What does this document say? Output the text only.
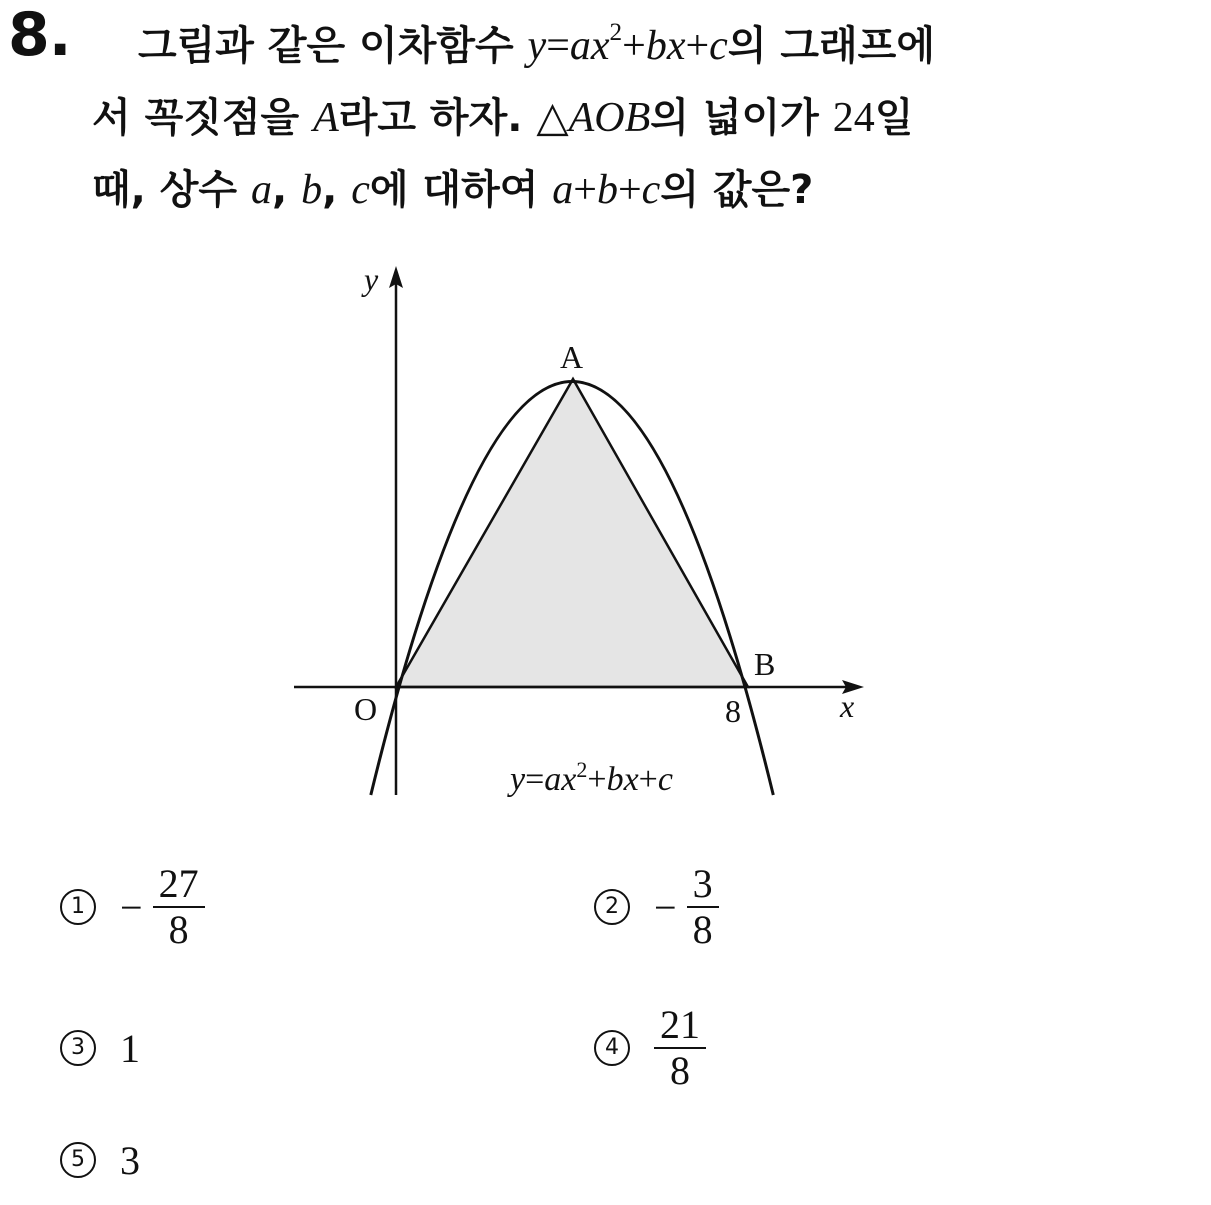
8. 그림과 같은 이차함수 $y=ax^2+bx+c$의 그래프에
서 꼭짓점을 A라고 하자. △AOB의 넓이가 24일
때, 상수 a, b, c에 대하여 a+b+c의 값은?
y
x
O
A
B
8
$y=ax^2+bx+c$
$1 - \frac{27}{8}$	$2 - \frac{3}{8}$
3 1	$4 \frac{21}{8}$
5 3
